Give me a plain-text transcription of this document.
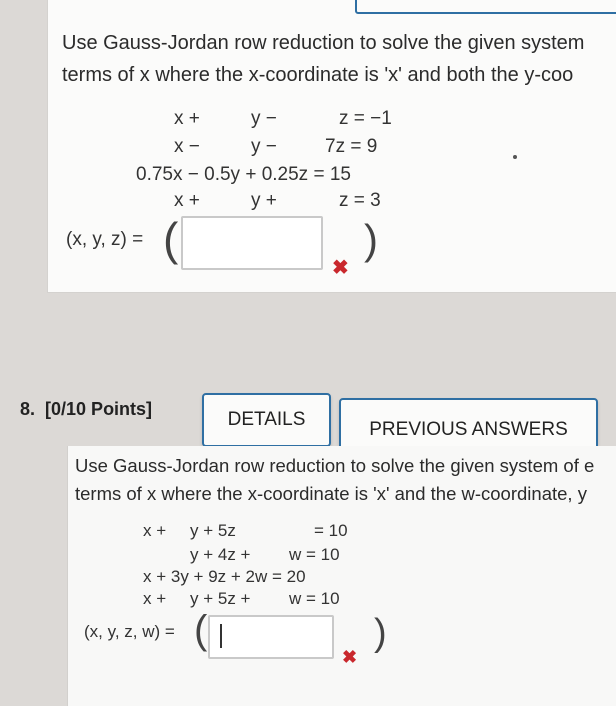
Use Gauss-Jordan row reduction to solve the given system
terms of x where the x-coordinate is 'x' and both the y-coo
x +	y −	z = −1
x −	y −	7z = 9
0.75x − 0.5y + 0.25z = 15
x +	y +	z = 3
(x, y, z) = (
✖
)
8. [0/10 Points]	DETAILS	PREVIOUS ANSWERS
Use Gauss-Jordan row reduction to solve the given system of e
terms of x where the x-coordinate is 'x' and the w-coordinate, y
x + y + 5z	= 10
y + 4z + w = 10
x + 3y + 9z + 2w = 20
x + y + 5z + w = 10
(x, y, z, w) = (
✖
)
